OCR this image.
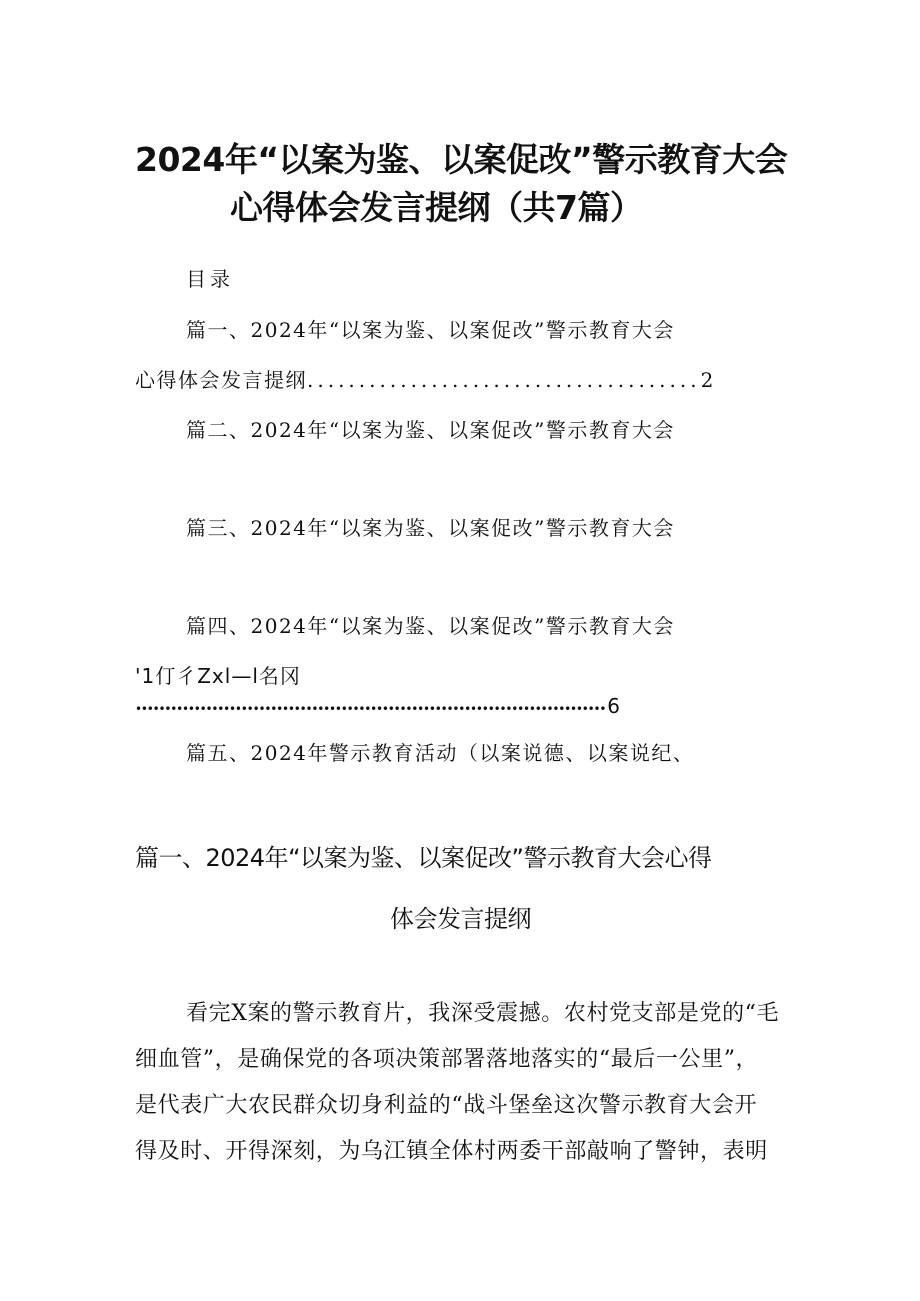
2024年“以案为鉴、以案促改”警示教育大会
心得体会发言提纲（共7篇）
目录
篇一、2024年“以案为鉴、以案促改”警示教育大会
心得体会发言提纲......................................2
篇二、2024年“以案为鉴、以案促改”警示教育大会
篇三、2024年“以案为鉴、以案促改”警示教育大会
篇四、2024年“以案为鉴、以案促改”警示教育大会
'1仃彳Zxl—l名冈
•••••••••••••••••••••••••••••••••••••••••••••••••••••••••••••••••••••••••••••••• 6
篇五、2024年警示教育活动（以案说德、以案说纪、
篇一、2024年“以案为鉴、以案促改”警示教育大会心得
体会发言提纲
看完X案的警示教育片，我深受震撼。农村党支部是党的“毛
细血管”，是确保党的各项决策部署落地落实的“最后一公里”，
是代表广大农民群众切身利益的“战斗堡垒这次警示教育大会开
得及时、开得深刻，为乌江镇全体村两委干部敲响了警钟，表明
